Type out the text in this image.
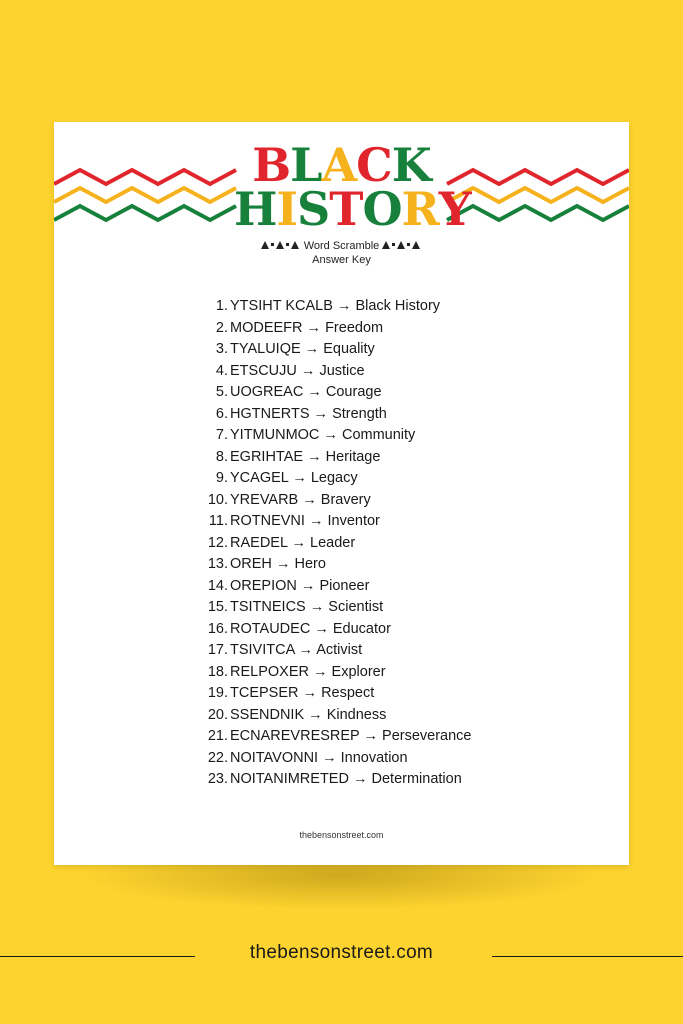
BLACK
HISTORY
Word Scramble
Answer Key
1. YTSIHT KCALB → Black History
2. MODEEFR → Freedom
3. TYALUIQE → Equality
4. ETSCUJU → Justice
5. UOGREAC → Courage
6. HGTNERTS → Strength
7. YITMUNMOC → Community
8. EGRIHTAE → Heritage
9. YCAGEL → Legacy
10. YREVARB → Bravery
11. ROTNEVNI → Inventor
12. RAEDEL → Leader
13. OREH → Hero
14. OREPION → Pioneer
15. TSITNEICS → Scientist
16. ROTAUDEC → Educator
17. TSIVITCA → Activist
18. RELPOXER → Explorer
19. TCEPSER → Respect
20. SSENDNIK → Kindness
21. ECNAREVRESREP → Perseverance
22. NOITAVONNI → Innovation
23. NOITANIMRETED → Determination
thebensonstreet.com
thebensonstreet.com
